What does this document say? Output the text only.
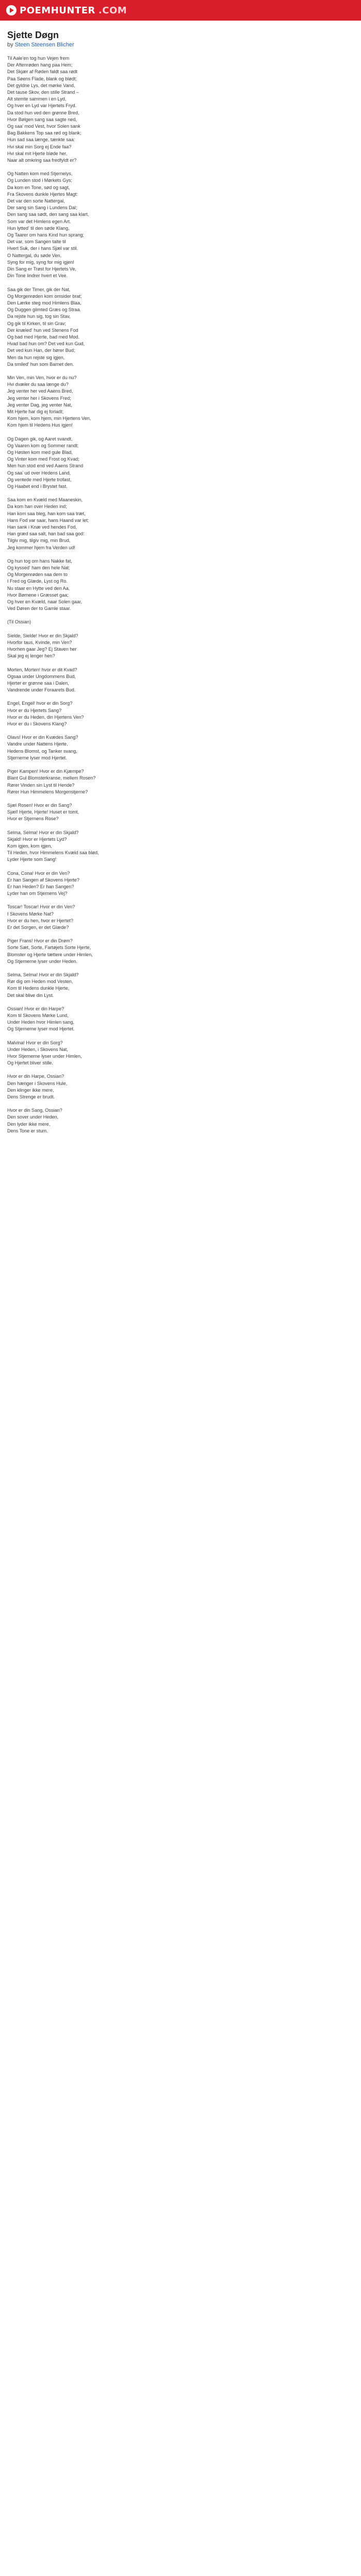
POEMHUNTER .COM
Sjette Døgn
by Steen Steensen Blicher
Til Aale'en tog hun Vejen frem
Der Aftenrøden hang paa Hem;
Det Skjær af Røden faldt saa rødt
Paa Søens Flade, blank og blødt;
Det gyldne Lys, det mørke Vand,
Det tause Skov, den stille Strand –
Alt stemte sammen i en Lyd,
Og hver en Lyd var Hjertets Fryd.
Da stod hun ved den grønne Bred,
Hvor Bølgen sang saa sagte ned,
Og saa' mod Vest, hvor Solen sank
Bag Bakkens Top saa rød og blank;
Hun sad saa længe, tænkte saa:
Hvi skal min Sorg ej Ende faa?
Hvi skal mit Hjerte bløde her,
Naar alt omkring saa fredfyldt er?
Og Natten kom med Stjernelys,
Og Lunden stod i Mørkets Gys;
Da kom en Tone, sød og sagt,
Fra Skovens dunkle Hjertes Magt:
Det var den sorte Nattergal,
Der sang sin Sang i Lundens Dal;
Den sang saa sødt, den sang saa klart,
Som var det Himlens egen Art.
Hun lytted' til den søde Klang,
Og Taarer om hans Kind hun sprang;
Det var, som Sangen talte til
Hvert Suk, der i hans Sjæl var stil.
O Nattergal, du søde Ven,
Syng for mig, syng for mig igjen!
Din Sang er Trøst for Hjertets Ve,
Din Tone lindrer hvert et Vee.
Saa gik der Timer, gik der Nat,
Og Morgenrøden kom omsider brat;
Den Lærke steg mod Himlens Blaa,
Og Duggen glimted Græs og Straa.
Da rejste hun sig, tog sin Stav,
Og gik til Kirken, til sin Grav;
Der knæled' hun ved Stenens Fod
Og bad med Hjerte, bad med Mod.
Hvad bad hun om? Det ved kun Gud,
Det ved kun Han, der hører Bud;
Men da hun rejste sig igjen,
Da smiled' hun som Barnet den.
Min Ven, min Ven, hvor er du nu?
Hvi dvæler du saa længe du?
Jeg venter her ved Aaens Bred,
Jeg venter her i Skovens Fred;
Jeg venter Dag, jeg venter Nat,
Mit Hjerte har dig ej forladt;
Kom hjem, kom hjem, min Hjertens Ven,
Kom hjem til Hedens Hus igjen!
Og Dagen gik, og Aaret svandt,
Og Vaaren kom og Sommer randt;
Og Høsten kom med gule Blad,
Og Vinter kom med Frost og Kvad;
Men hun stod end ved Aaens Strand
Og saa' ud over Hedens Land,
Og ventede med Hjerte trofast,
Og Haabet end i Brystet fast.
Saa kom en Kvæld med Maaneskin,
Da kom han over Heden ind;
Han kom saa bleg, han kom saa træt,
Hans Fod var saar, hans Haand var let;
Han sank i Knæ ved hendes Fod,
Han græd saa salt, han bad saa god:
Tilgiv mig, tilgiv mig, min Brud,
Jeg kommer hjem fra Verden ud!
Og hun tog om hans Nakke fat,
Og kyssed' ham den hele Nat;
Og Morgenrøden saa dem to
I Fred og Glæde, Lyst og Ro.
Nu staar en Hytte ved den Aa,
Hvor Børnene i Græsset gaa;
Og hver en Kvæld, naar Solen gaar,
Ved Døren der to Gamle staar.
(Til Ossian)

Sielde, Sielde! Hvor er din Skjald?
Hvorfor taus, Kvinde, min Ven?
Hvorhen gaar Jeg? Ej Staven her
Skal jeg ej lenger hen?
Morten, Morten! hvor er dit Kvad?
Ogsaa under Ungdommens Bud,
Hjerter er grønne saa i Dalen,
Vandrende under Foraarets Bud.
Engel, Engel! hvor er din Sorg?
Hvor er du Hjertets Sang?
Hvor er du Heden, din Hjertens Ven?
Hvor er du i Skovens Klang?
Olavs! Hvor er din Kvædes Sang?
Vandre under Nattens Hjerte,
Hedens Blomst, og Tanker svang,
Stjernerne lyser mod Hjertet.
Piger Kampen! Hvor er din Kjæmpe?
Blant Gul Blomsterkranse, mellem Rosen?
Rører Vinden sin Lyst til Hende?
Rører Hun Himmelens Morgenstjerne?
Sjæl Rosen! Hvor er din Sang?
Sjæl! Hjerte, Hjerte! Huset er tomt,
Hvor er Stjernens Rose?
Selma, Selma! Hvor er din Skjald?
Skjald! Hvor er Hjertets Lyd?
Kom igjen, kom igjen,
Til Heden, hvor Himmelens Kvæld saa blød,
Lyder Hjerte som Sang!
Cona, Cona! Hvor er din Ven?
Er han Sangen af Skovens Hjerte?
Er han Heden? Er han Sangen?
Lyder han om Stjernens Vej?
Toscar! Toscar! Hvor er din Ven?
I Skovens Mørke Nat?
Hvor er du hen, hvor er Hjertet?
Er det Sorgen, er det Glæde?
Piger Frans! Hvor er din Drøm?
Sorte Sæt, Sorte, Fartøjets Sorte Hjerte,
Blomster og Hjerte tættere under Himlen,
Og Stjernerne lyser under Heden.
Selma, Selma! Hvor er din Skjald?
Rør dig om Heden mod Vesten,
Kom til Hedens dunkle Hjerte,
Det skal blive din Lyst.
Ossian! Hvor er din Harpe?
Kom til Skovens Mørke Lund,
Under Heden hvor Himlen sang,
Og Stjernerne lyser mod Hjertet.
Malvina! Hvor er din Sorg?
Under Heden, i Skovens Nat,
Hvor Stjernerne lyser under Himlen,
Og Hjertet bliver stille.
Hvor er din Harpe, Ossian?
Den hænger i Skovens Hule,
Den klinger ikke mere,
Dens Strenge er brudt.
Hvor er din Sang, Ossian?
Den sover under Heden,
Den lyder ikke mere,
Dens Tone er stum.
